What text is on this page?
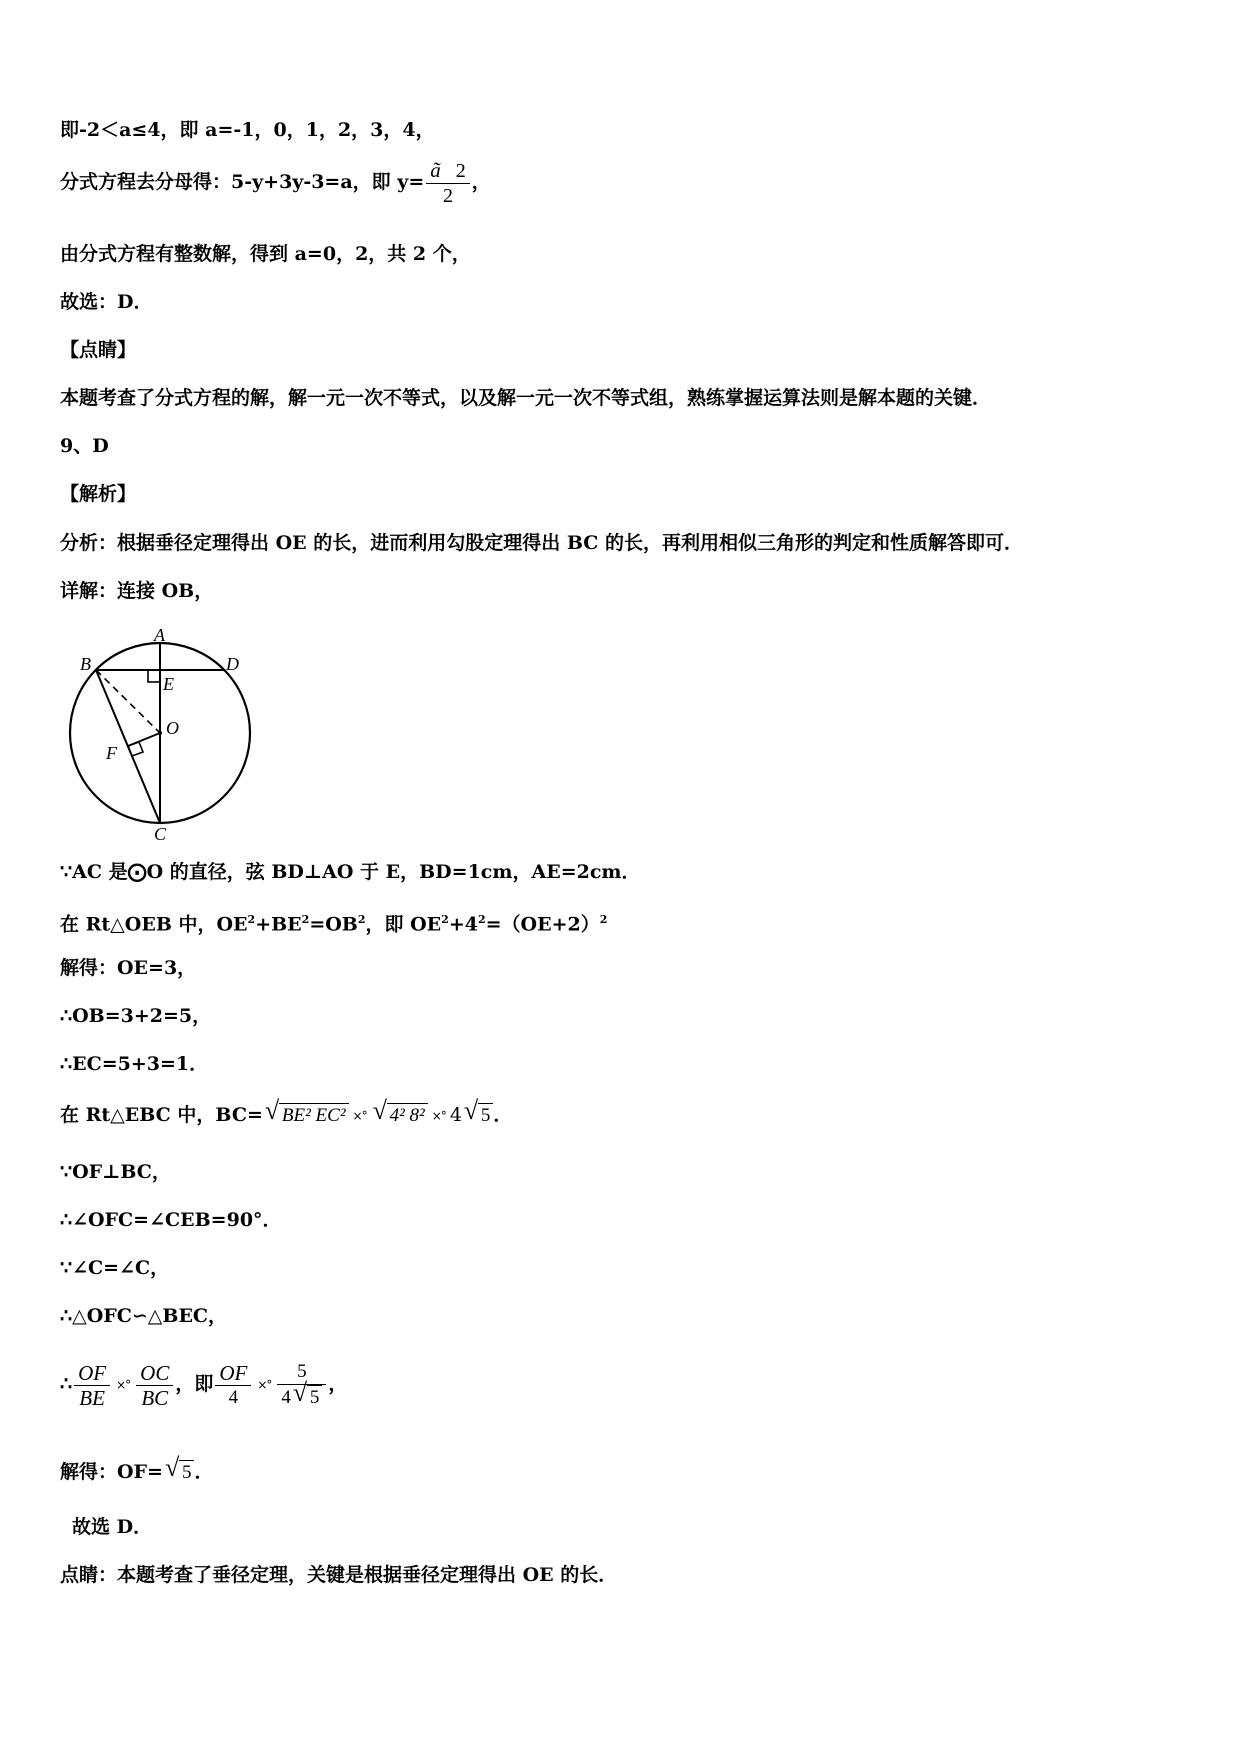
即-2＜a≤4，即 a=-1，0，1，2，3，4，
分式方程去分母得：5-y+3y-3=a，即 $y= \frac{ã 2}{2}$ ，
由分式方程有整数解，得到 a=0，2，共 2 个，
故选：D．
【点睛】
本题考查了分式方程的解，解一元一次不等式，以及解一元一次不等式组，熟练掌握运算法则是解本题的关键．
9、D
【解析】
分析：根据垂径定理得出 OE 的长，进而利用勾股定理得出 BC 的长，再利用相似三角形的判定和性质解答即可．
详解：连接 OB，
A
B	D
E
O
F
C
∵AC 是⨀O 的直径，弦 BD⊥AO 于 E，BD=1cm，AE=2cm．
在 Rt△OEB 中，$OE^2+BE^2=OB^2$，即 $OE^2+4^2=(OE+2)^2$
解得：OE=3，
∴OB=3+2=5，
∴EC=5+3=1．
在 Rt△EBC 中，BC= √ BE² EC² ×° √ 4² 8² ×° 4 √ 5 ．
∵OF⊥BC，
∴∠OFC=∠CEB=90°．
∵∠C=∠C，
∴△OFC∽△BEC，
∴ $\frac{OF}{BE}$ ×° $\frac{OC}{BC}$ ，即 $\frac{OF}{4}$ ×° $\frac{5}{4 √ 5}$ ，
解得：OF= √ 5 ．
故选 D．
点睛：本题考查了垂径定理，关键是根据垂径定理得出 OE 的长．
